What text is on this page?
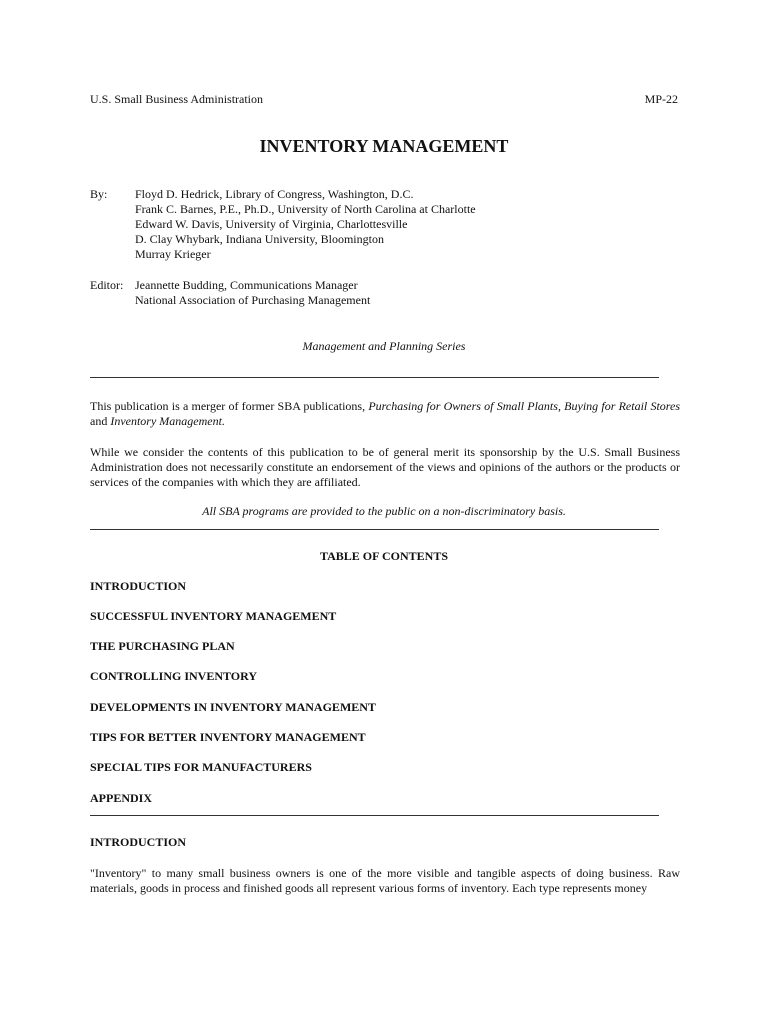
U.S. Small Business Administration	MP-22
INVENTORY MANAGEMENT
By: Floyd D. Hedrick, Library of Congress, Washington, D.C.
Frank C. Barnes, P.E., Ph.D., University of North Carolina at Charlotte
Edward W. Davis, University of Virginia, Charlottesville
D. Clay Whybark, Indiana University, Bloomington
Murray Krieger
Editor: Jeannette Budding, Communications Manager
National Association of Purchasing Management
Management and Planning Series
This publication is a merger of former SBA publications, Purchasing for Owners of Small Plants, Buying for Retail Stores and Inventory Management.
While we consider the contents of this publication to be of general merit its sponsorship by the U.S. Small Business Administration does not necessarily constitute an endorsement of the views and opinions of the authors or the products or services of the companies with which they are affiliated.
All SBA programs are provided to the public on a non-discriminatory basis.
TABLE OF CONTENTS
INTRODUCTION
SUCCESSFUL INVENTORY MANAGEMENT
THE PURCHASING PLAN
CONTROLLING INVENTORY
DEVELOPMENTS IN INVENTORY MANAGEMENT
TIPS FOR BETTER INVENTORY MANAGEMENT
SPECIAL TIPS FOR MANUFACTURERS
APPENDIX
INTRODUCTION
"Inventory" to many small business owners is one of the more visible and tangible aspects of doing business. Raw materials, goods in process and finished goods all represent various forms of inventory. Each type represents money
